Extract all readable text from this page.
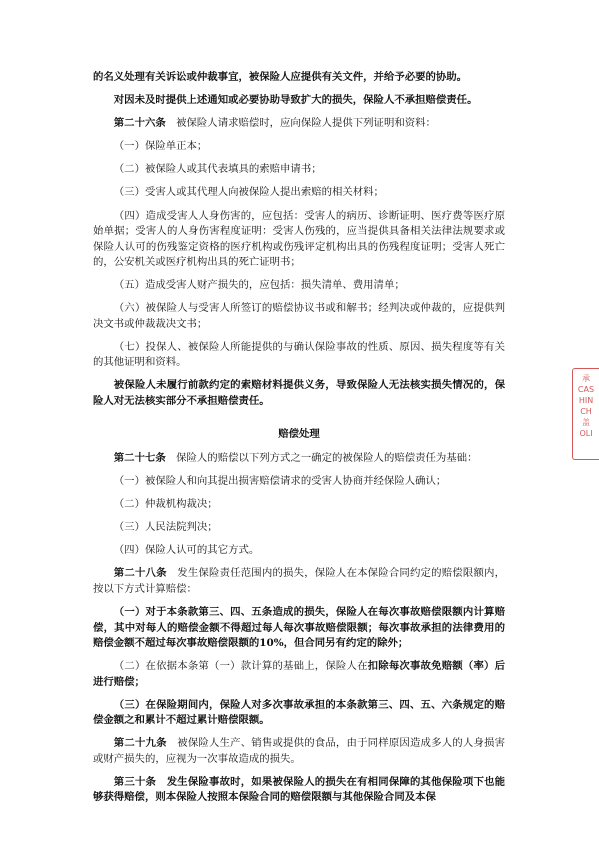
的名义处理有关诉讼或仲裁事宜，被保险人应提供有关文件，并给予必要的协助。

对因未及时提供上述通知或必要协助导致扩大的损失，保险人不承担赔偿责任。

第二十六条　 被保险人请求赔偿时，应向保险人提供下列证明和资料：

（一）保险单正本；

（二）被保险人或其代表填具的索赔申请书；

（三）受害人或其代理人向被保险人提出索赔的相关材料；

（四）造成受害人人身伤害的，应包括：受害人的病历、诊断证明、医疗费等医疗原始单据；受害人的人身伤害程度证明：受害人伤残的，应当提供具备相关法律法规要求或保险人认可的伤残鉴定资格的医疗机构或伤残评定机构出具的伤残程度证明；受害人死亡的，公安机关或医疗机构出具的死亡证明书；

（五）造成受害人财产损失的，应包括：损失清单、费用清单；

（六）被保险人与受害人所签订的赔偿协议书或和解书；经判决或仲裁的，应提供判决文书或仲裁裁决文书；

（七）投保人、被保险人所能提供的与确认保险事故的性质、原因、损失程度等有关的其他证明和资料。

被保险人未履行前款约定的索赔材料提供义务，导致保险人无法核实损失情况的，保险人对无法核实部分不承担赔偿责任。

赔偿处理

第二十七条　 保险人的赔偿以下列方式之一确定的被保险人的赔偿责任为基础：

（一）被保险人和向其提出损害赔偿请求的受害人协商并经保险人确认；

（二）仲裁机构裁决；

（三）人民法院判决；

（四）保险人认可的其它方式。

第二十八条　 发生保险责任范围内的损失，保险人在本保险合同约定的赔偿限额内，按以下方式计算赔偿：

（一）对于本条款第三、四、五条造成的损失，保险人在每次事故赔偿限额内计算赔偿，其中对每人的赔偿金额不得超过每人每次事故赔偿限额；每次事故承担的法律费用的赔偿金额不超过每次事故赔偿限额的10%，但合同另有约定的除外；

（二）在依据本条第（一）款计算的基础上，保险人在扣除每次事故免赔额（率）后进行赔偿；

（三）在保险期间内，保险人对多次事故承担的本条款第三、四、五、六条规定的赔偿金额之和累计不超过累计赔偿限额。

第二十九条　 被保险人生产、销售或提供的食品，由于同样原因造成多人的人身损害或财产损失的，应视为一次事故造成的损失。

第三十条　 发生保险事故时，如果被保险人的损失在有相同保障的其他保险项下也能够获得赔偿，则本保险人按照本保险合同的赔偿限额与其他保险合同及本保

承
CAS
HIN
CH
盖
OLI
